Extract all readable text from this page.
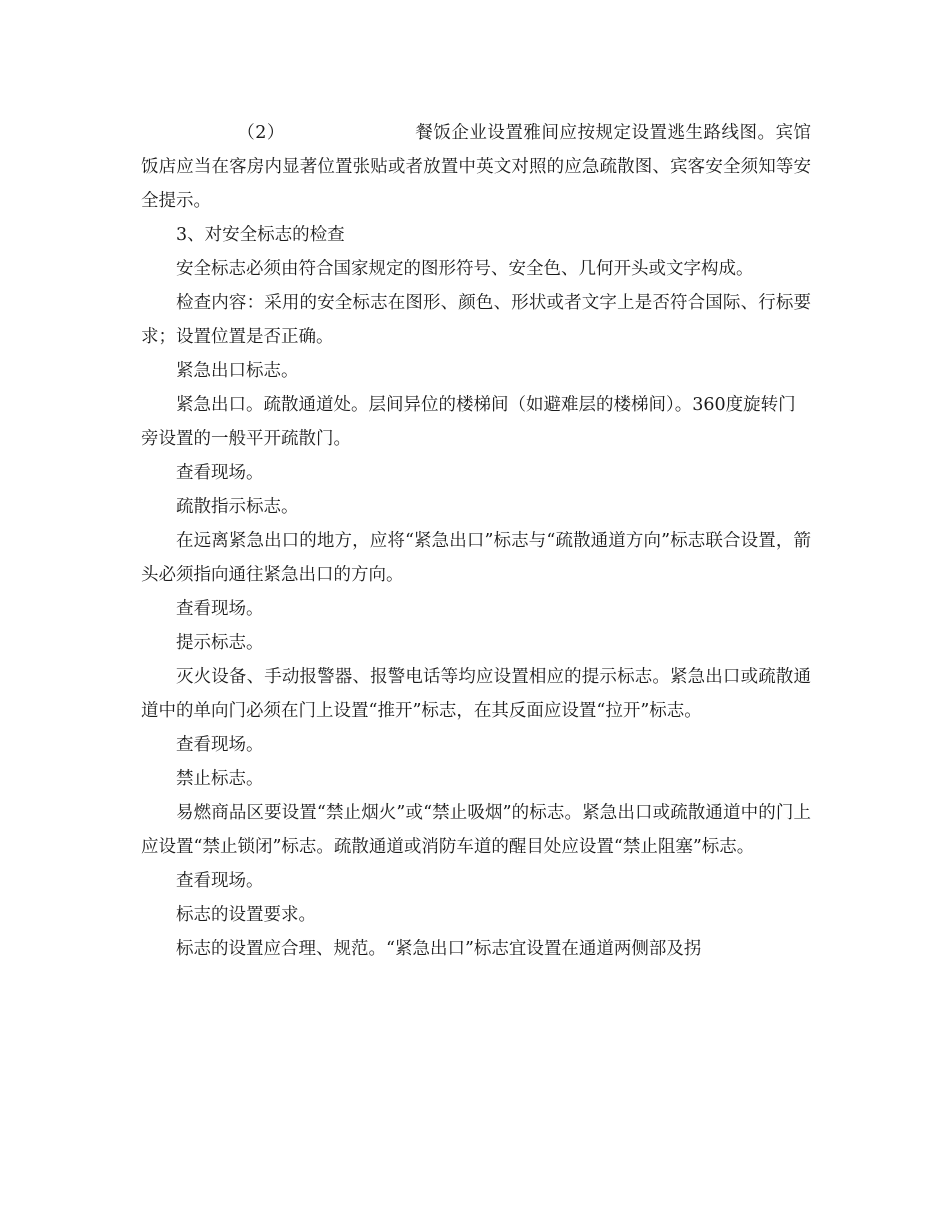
（2）	餐饭企业设置雅间应按规定设置逃生路线图。宾馆饭店应当在客房内显著位置张贴或者放置中英文对照的应急疏散图、宾客安全须知等安全提示。

3、对安全标志的检查

安全标志必须由符合国家规定的图形符号、安全色、几何开头或文字构成。

检查内容：采用的安全标志在图形、颜色、形状或者文字上是否符合国际、行标要求；设置位置是否正确。

紧急出口标志。

紧急出口。疏散通道处。层间异位的楼梯间（如避难层的楼梯间）。360度旋转门旁设置的一般平开疏散门。

查看现场。

疏散指示标志。

在远离紧急出口的地方，应将“紧急出口”标志与“疏散通道方向”标志联合设置，箭头必须指向通往紧急出口的方向。

查看现场。

提示标志。

灭火设备、手动报警器、报警电话等均应设置相应的提示标志。紧急出口或疏散通道中的单向门必须在门上设置“推开”标志，在其反面应设置“拉开”标志。

查看现场。

禁止标志。

易燃商品区要设置“禁止烟火”或“禁止吸烟”的标志。紧急出口或疏散通道中的门上应设置“禁止锁闭”标志。疏散通道或消防车道的醒目处应设置“禁止阻塞”标志。

查看现场。

标志的设置要求。

标志的设置应合理、规范。“紧急出口”标志宜设置在通道两侧部及拐
